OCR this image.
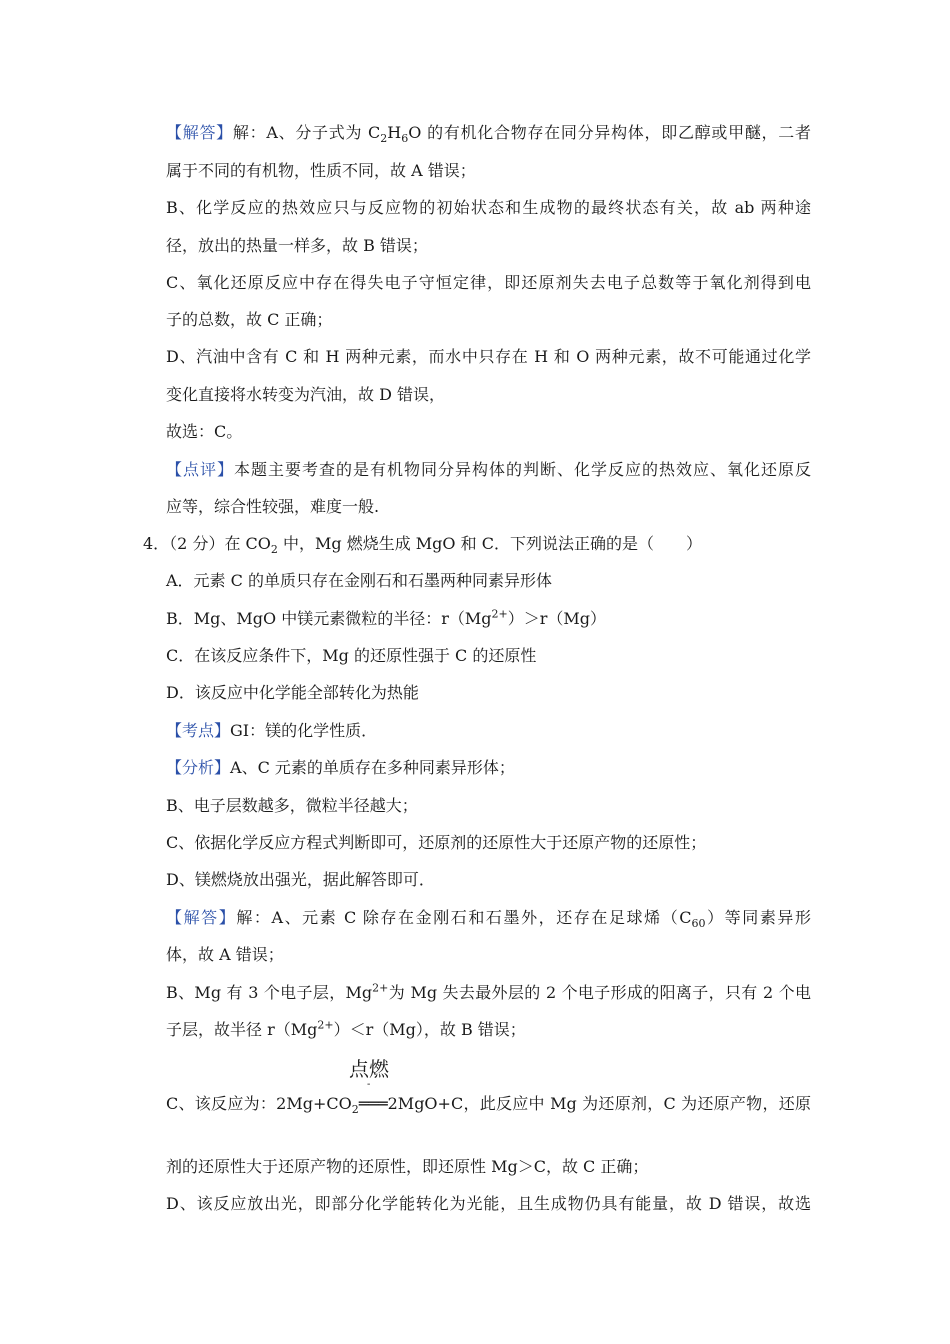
【解答】解：A、分子式为 $C_2H_6O$ 的有机化合物存在同分异构体，即乙醇或甲醚，二者
属于不同的有机物，性质不同，故 A 错误；
B、化学反应的热效应只与反应物的初始状态和生成物的最终状态有关，故 ab 两种途
径，放出的热量一样多，故 B 错误；
C、氧化还原反应中存在得失电子守恒定律，即还原剂失去电子总数等于氧化剂得到电
子的总数，故 C 正确；
D、汽油中含有 C 和 H 两种元素，而水中只存在 H 和 O 两种元素，故不可能通过化学
变化直接将水转变为汽油，故 D 错误，
故选：C。
【点评】本题主要考查的是有机物同分异构体的判断、化学反应的热效应、氧化还原反
应等，综合性较强，难度一般.
4．（2 分）在 $CO_2$ 中，Mg 燃烧生成 MgO 和 C．下列说法正确的是（　　）
A．元素 C 的单质只存在金刚石和石墨两种同素异形体
B．Mg、MgO 中镁元素微粒的半径：$r(Mg^{2+})>r(Mg)$
C．在该反应条件下，Mg 的还原性强于 C 的还原性
D．该反应中化学能全部转化为热能
【考点】GI：镁的化学性质．
【分析】A、C 元素的单质存在多种同素异形体；
B、电子层数越多，微粒半径越大；
C、依据化学反应方程式判断即可，还原剂的还原性大于还原产物的还原性；
D、镁燃烧放出强光，据此解答即可．
【解答】解：A、元素 C 除存在金刚石和石墨外，还存在足球烯$(C_{60})$等同素异形
体，故 A 错误；
B、Mg 有 3 个电子层，$Mg^{2+}$为 Mg 失去最外层的 2 个电子形成的阳离子，只有 2 个电
子层，故半径 $r(Mg^{2+})<r(Mg)$，故 B 错误；
点燃
-
C、该反应为：$2Mg+CO_2═══2MgO+C$，此反应中 Mg 为还原剂，C 为还原产物，还原
剂的还原性大于还原产物的还原性，即还原性 Mg＞C，故 C 正确；
D、该反应放出光，即部分化学能转化为光能，且生成物仍具有能量，故 D 错误，故选
